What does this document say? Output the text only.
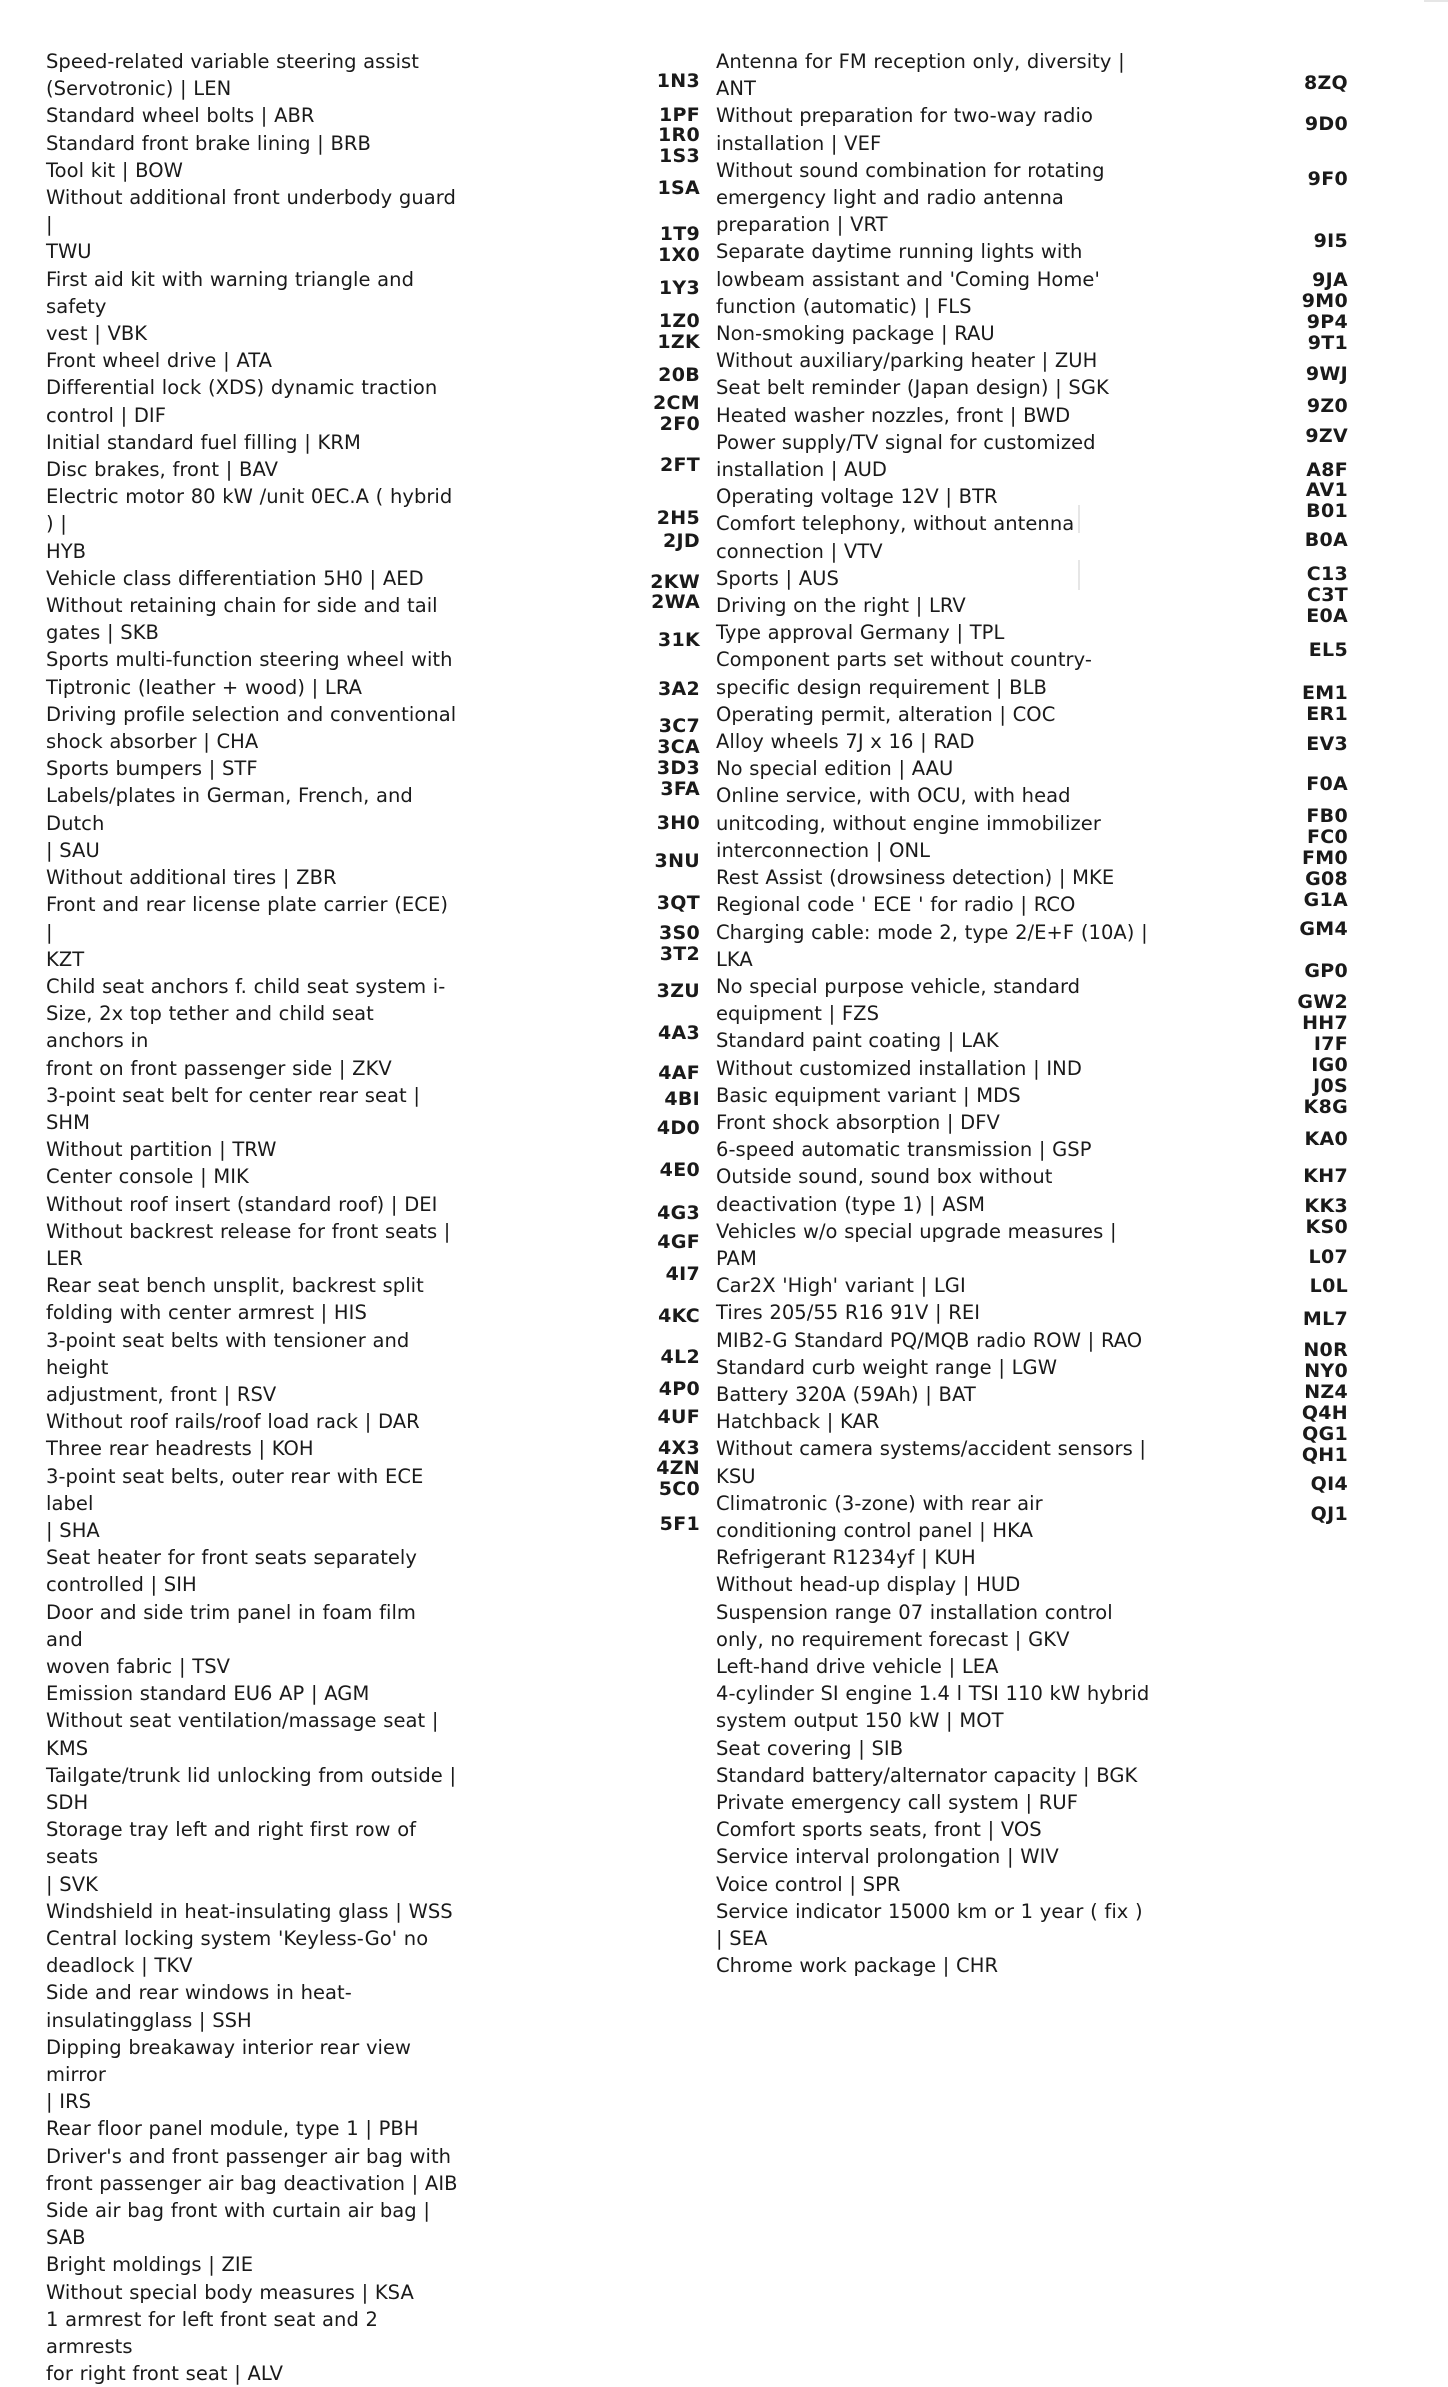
Speed-related variable steering assist
(Servotronic) | LEN
Standard wheel bolts | ABR
Standard front brake lining | BRB
Tool kit | BOW
Without additional front underbody guard |
TWU
First aid kit with warning triangle and safety
vest | VBK
Front wheel drive | ATA
Differential lock (XDS) dynamic traction
control | DIF
Initial standard fuel filling | KRM
Disc brakes, front | BAV
Electric motor 80 kW /unit 0EC.A ( hybrid ) |
HYB
Vehicle class differentiation 5H0 | AED
Without retaining chain for side and tail
gates | SKB
Sports multi-function steering wheel with
Tiptronic (leather + wood) | LRA
Driving profile selection and conventional
shock absorber | CHA
Sports bumpers | STF
Labels/plates in German, French, and Dutch
| SAU
Without additional tires | ZBR
Front and rear license plate carrier (ECE) |
KZT
Child seat anchors f. child seat system i-
Size, 2x top tether and child seat anchors in
front on front passenger side | ZKV
3-point seat belt for center rear seat | SHM
Without partition | TRW
Center console | MIK
Without roof insert (standard roof) | DEI
Without backrest release for front seats |
LER
Rear seat bench unsplit, backrest split
folding with center armrest | HIS
3-point seat belts with tensioner and height
adjustment, front | RSV
Without roof rails/roof load rack | DAR
Three rear headrests | KOH
3-point seat belts, outer rear with ECE label
| SHA
Seat heater for front seats separately
controlled | SIH
Door and side trim panel in foam film and
woven fabric | TSV
Emission standard EU6 AP | AGM
Without seat ventilation/massage seat |
KMS
Tailgate/trunk lid unlocking from outside |
SDH
Storage tray left and right first row of seats
| SVK
Windshield in heat-insulating glass | WSS
Central locking system 'Keyless-Go' no
deadlock | TKV
Side and rear windows in heat-
insulatingglass | SSH
Dipping breakaway interior rear view mirror
| IRS
Rear floor panel module, type 1 | PBH
Driver's and front passenger air bag with
front passenger air bag deactivation | AIB
Side air bag front with curtain air bag | SAB
Bright moldings | ZIE
Without special body measures | KSA
1 armrest for left front seat and 2 armrests
for right front seat | ALV
1N3
1PF
1R0
1S3
1SA
1T9
1X0
1Y3
1Z0
1ZK
20B
2CM
2F0
2FT
2H5
2JD
2KW
2WA
31K
3A2
3C7
3CA
3D3
3FA
3H0
3NU
3QT
3S0
3T2
3ZU
4A3
4AF
4BI
4D0
4E0
4G3
4GF
4I7
4KC
4L2
4P0
4UF
4X3
4ZN
5C0
5F1
Antenna for FM reception only, diversity |
ANT
Without preparation for two-way radio
installation | VEF
Without sound combination for rotating
emergency light and radio antenna
preparation | VRT
Separate daytime running lights with
lowbeam assistant and 'Coming Home'
function (automatic) | FLS
Non-smoking package | RAU
Without auxiliary/parking heater | ZUH
Seat belt reminder (Japan design) | SGK
Heated washer nozzles, front | BWD
Power supply/TV signal for customized
installation | AUD
Operating voltage 12V | BTR
Comfort telephony, without antenna
connection | VTV
Sports | AUS
Driving on the right | LRV
Type approval Germany | TPL
Component parts set without country-
specific design requirement | BLB
Operating permit, alteration | COC
Alloy wheels 7J x 16 | RAD
No special edition | AAU
Online service, with OCU, with head
unitcoding, without engine immobilizer
interconnection | ONL
Rest Assist (drowsiness detection) | MKE
Regional code ' ECE ' for radio | RCO
Charging cable: mode 2, type 2/E+F (10A) |
LKA
No special purpose vehicle, standard
equipment | FZS
Standard paint coating | LAK
Without customized installation | IND
Basic equipment variant | MDS
Front shock absorption | DFV
6-speed automatic transmission | GSP
Outside sound, sound box without
deactivation (type 1) | ASM
Vehicles w/o special upgrade measures |
PAM
Car2X 'High' variant | LGI
Tires 205/55 R16 91V | REI
MIB2-G Standard PQ/MQB radio ROW | RAO
Standard curb weight range | LGW
Battery 320A (59Ah) | BAT
Hatchback | KAR
Without camera systems/accident sensors |
KSU
Climatronic (3-zone) with rear air
conditioning control panel | HKA
Refrigerant R1234yf | KUH
Without head-up display | HUD
Suspension range 07 installation control
only, no requirement forecast | GKV
Left-hand drive vehicle | LEA
4-cylinder SI engine 1.4 l TSI 110 kW hybrid
system output 150 kW | MOT
Seat covering | SIB
Standard battery/alternator capacity | BGK
Private emergency call system | RUF
Comfort sports seats, front | VOS
Service interval prolongation | WIV
Voice control | SPR
Service indicator 15000 km or 1 year ( fix )
| SEA
Chrome work package | CHR
8ZQ
9D0
9F0
9I5
9JA
9M0
9P4
9T1
9WJ
9Z0
9ZV
A8F
AV1
B01
B0A
C13
C3T
E0A
EL5
EM1
ER1
EV3
F0A
FB0
FC0
FM0
G08
G1A
GM4
GP0
GW2
HH7
I7F
IG0
J0S
K8G
KA0
KH7
KK3
KS0
L07
L0L
ML7
N0R
NY0
NZ4
Q4H
QG1
QH1
QI4
QJ1
